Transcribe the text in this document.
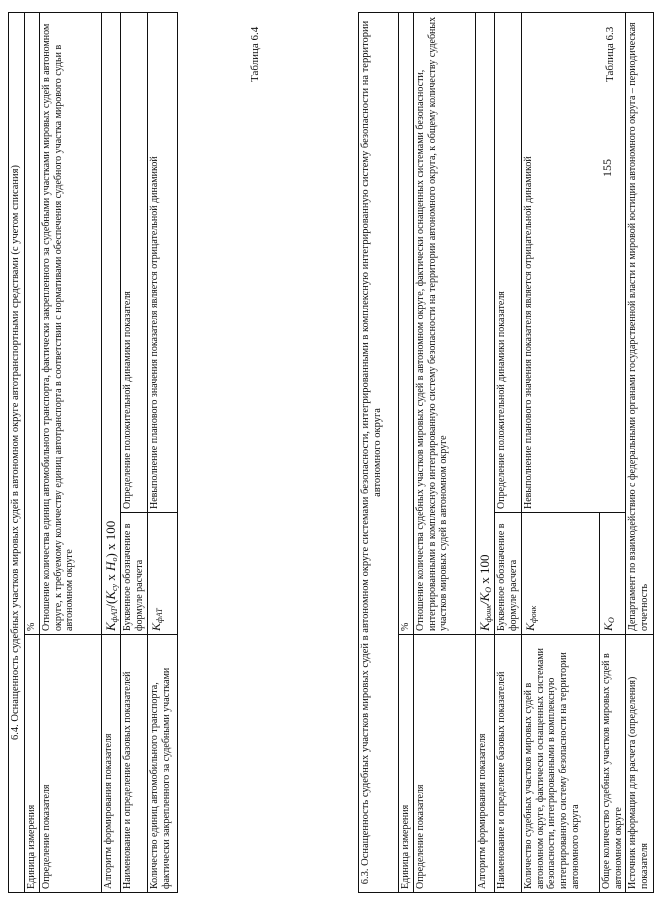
155
Таблица 6.3
Таблица 6.4	6.3. Оснащенность судебных участков мировых судей в автономном округе системами безопасности, интегрированными в комплексную интегрированную систему безопасности на территории автономного округа		
Единица измерения	%	
Определение показателя	Отношение количества судебных участков мировых судей в автономном округе, фактически оснащенных системами безопасности, интегрированными в комплексную интегрированную систему безопасности на территории автономного округа, к общему количеству судебных участков мировых судей в автономном округе	
Алгоритм формирования показателя	$K_{фонк}/K_O$ x 100	
Наименование и определение базовых показателей	Буквенное обозначение в формуле расчета	Определение положительной динамики показателя
Количество судебных участков мировых судей в автономном округе, фактически оснащенных системами безопасности, интегрированными в комплексную интегрированную систему безопасности на территории автономного округа	$K_{фонк}$	Невыполнение планового значения показателя является отрицательной динамикой
Общее количество судебных участков мировых судей в автономном округе	$K_O$
Источник информации для расчета (определения) показателя	Департамент по взаимодействию с федеральными органами государственной власти и мировой юстиции автономного округа – периодическая отчетность	
6.4. Оснащенность судебных участков мировых судей в автономном округе автотранспортными средствами (с учетом списания)		
Единица измерения	%	
Определение показателя	Отношение количества единиц автомобильного транспорта, фактически закрепленного за судебными участками мировых судей в автономном округе, к требуемому количеству единиц автотранспорта в соответствии с нормативами обеспечения судебного участка мирового судьи в автономном округе	
Алгоритм формирования показателя	$K_{фАТ}/(K_{су}$ x $H_о$) x 100	
Наименование и определение базовых показателей	Буквенное обозначение в формуле расчета	Определение положительной динамики показателя
Количество единиц автомобильного транспорта, фактически закрепленного за судебными участками	$K_{фАТ}$	Невыполнение планового значения показателя является отрицательной динамикой
